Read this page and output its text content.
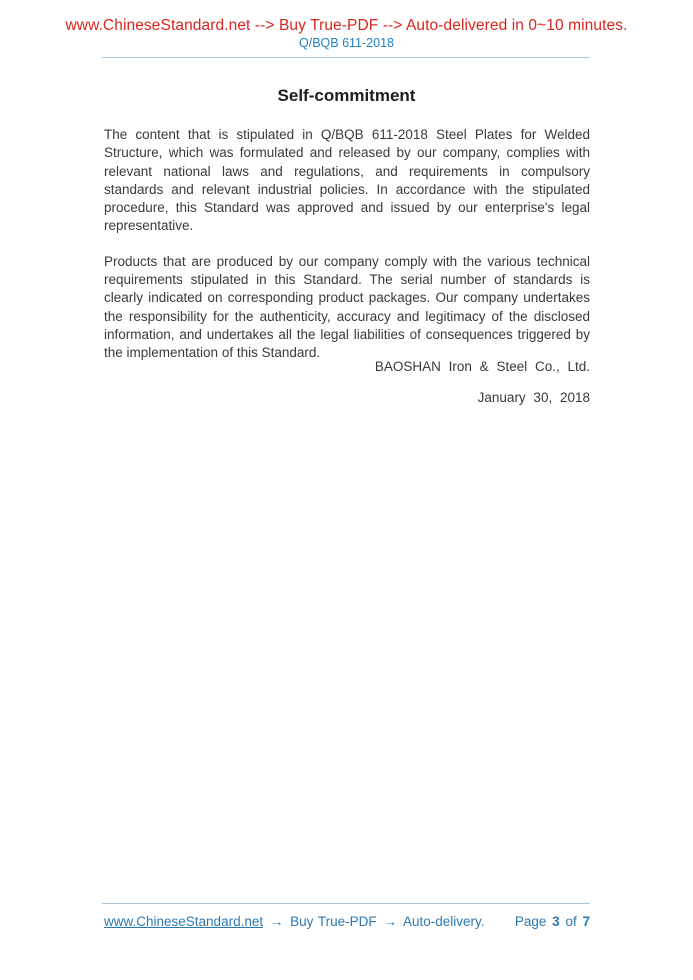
www.ChineseStandard.net --> Buy True-PDF --> Auto-delivered in 0~10 minutes.
Q/BQB 611-2018
Self-commitment

The content that is stipulated in Q/BQB 611-2018 Steel Plates for Welded Structure, which was formulated and released by our company, complies with relevant national laws and regulations, and requirements in compulsory standards and relevant industrial policies. In accordance with the stipulated procedure, this Standard was approved and issued by our enterprise's legal representative.

Products that are produced by our company comply with the various technical requirements stipulated in this Standard. The serial number of standards is clearly indicated on corresponding product packages. Our company undertakes the responsibility for the authenticity, accuracy and legitimacy of the disclosed information, and undertakes all the legal liabilities of consequences triggered by the implementation of this Standard.

BAOSHAN Iron & Steel Co., Ltd.
January 30, 2018
www.ChineseStandard.net → Buy True-PDF → Auto-delivery. Page 3 of 7
